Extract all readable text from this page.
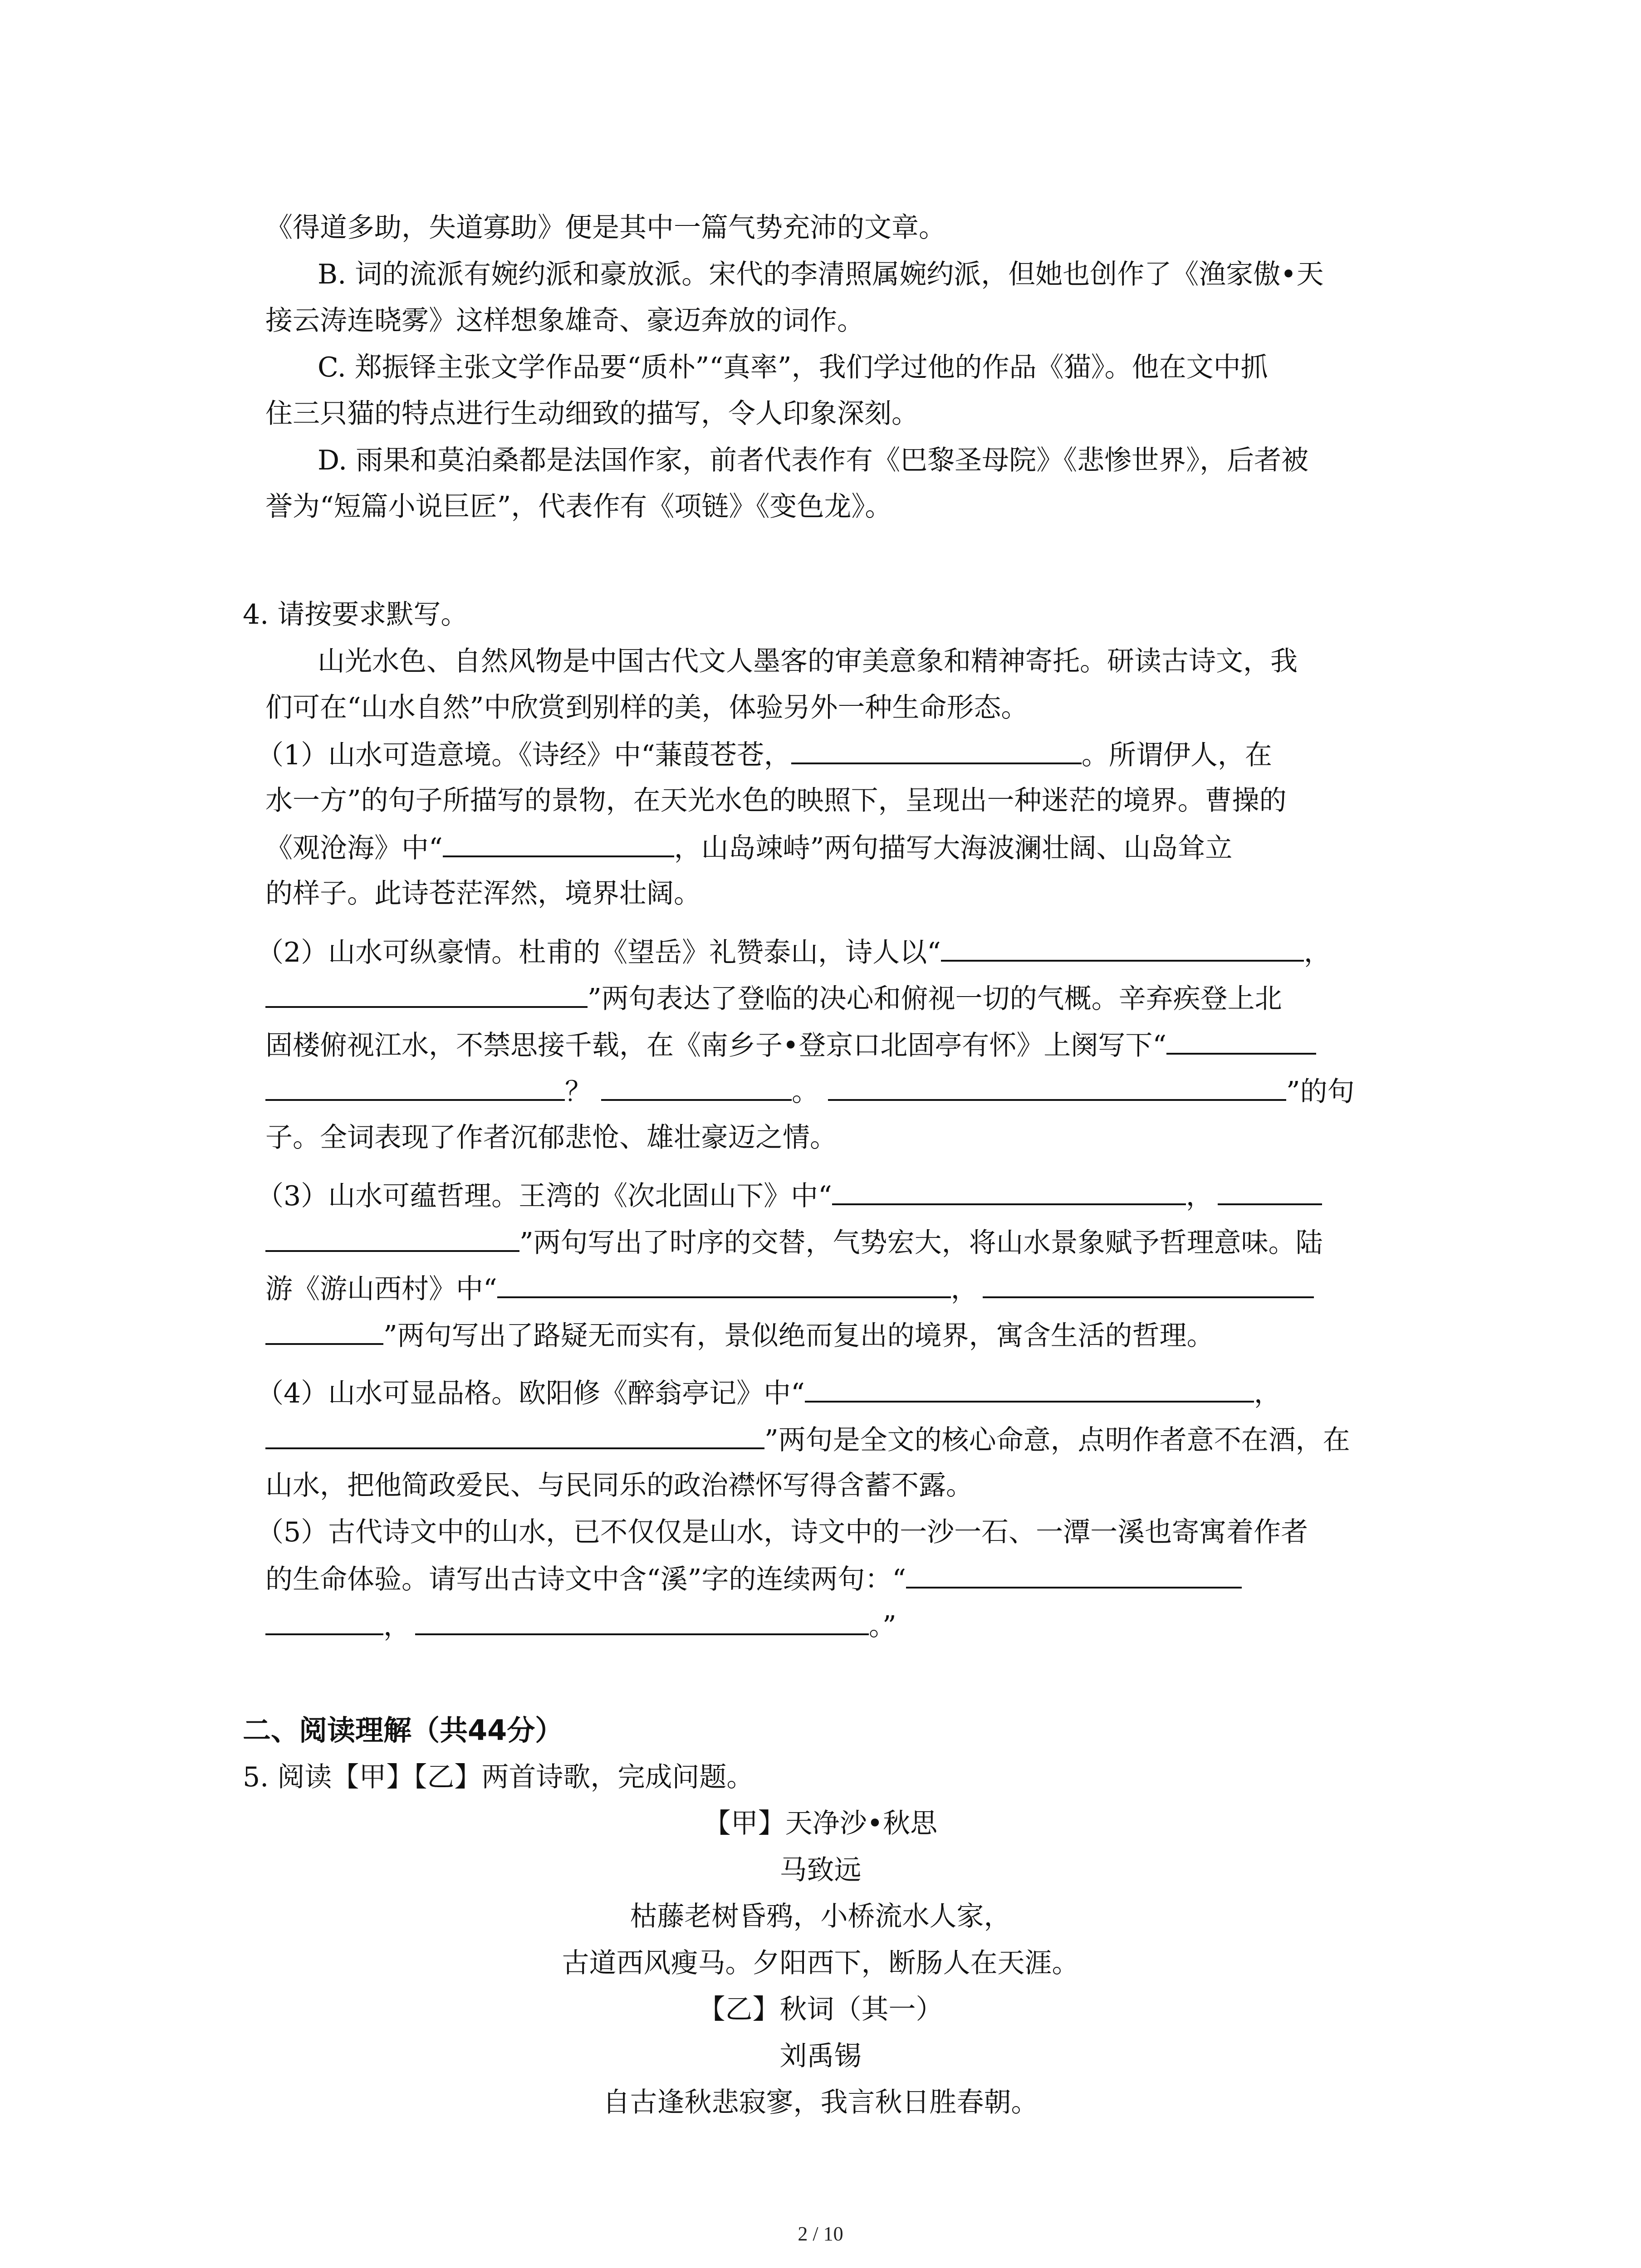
《得道多助，失道寡助》便是其中一篇气势充沛的文章。
B. 词的流派有婉约派和豪放派。宋代的李清照属婉约派，但她也创作了《渔家傲•天
接云涛连晓雾》这样想象雄奇、豪迈奔放的词作。
C. 郑振铎主张文学作品要“质朴”“真率”，我们学过他的作品《猫》。他在文中抓
住三只猫的特点进行生动细致的描写，令人印象深刻。
D. 雨果和莫泊桑都是法国作家，前者代表作有《巴黎圣母院》《悲惨世界》，后者被
誉为“短篇小说巨匠”，代表作有《项链》《变色龙》。
4. 请按要求默写。
山光水色、自然风物是中国古代文人墨客的审美意象和精神寄托。研读古诗文，我
们可在“山水自然”中欣赏到别样的美，体验另外一种生命形态。
（1）山水可造意境。《诗经》中“蒹葭苍苍，	。所谓伊人，在
水一方”的句子所描写的景物，在天光水色的映照下，呈现出一种迷茫的境界。曹操的
《观沧海》中“	，山岛竦峙”两句描写大海波澜壮阔、山岛耸立
的样子。此诗苍茫浑然，境界壮阔。
（2）山水可纵豪情。杜甫的《望岳》礼赞泰山，诗人以“	，
”两句表达了登临的决心和俯视一切的气概。辛弃疾登上北
固楼俯视江水，不禁思接千载，在《南乡子•登京口北固亭有怀》上阕写下“
？	。	”的句
子。全词表现了作者沉郁悲怆、雄壮豪迈之情。
（3）山水可蕴哲理。王湾的《次北固山下》中“	，
”两句写出了时序的交替，气势宏大，将山水景象赋予哲理意味。陆
游《游山西村》中“	，
”两句写出了路疑无而实有，景似绝而复出的境界，寓含生活的哲理。
（4）山水可显品格。欧阳修《醉翁亭记》中“	，
”两句是全文的核心命意，点明作者意不在酒，在
山水，把他简政爱民、与民同乐的政治襟怀写得含蓄不露。
（5）古代诗文中的山水，已不仅仅是山水，诗文中的一沙一石、一潭一溪也寄寓着作者
的生命体验。请写出古诗文中含“溪”字的连续两句：“
，	。”
二、阅读理解（共44分）
5. 阅读【甲】【乙】两首诗歌，完成问题。
【甲】天净沙•秋思
马致远
枯藤老树昏鸦，小桥流水人家，
古道西风瘦马。夕阳西下，断肠人在天涯。
【乙】秋词（其一）
刘禹锡
自古逢秋悲寂寥，我言秋日胜春朝。
2 / 10
